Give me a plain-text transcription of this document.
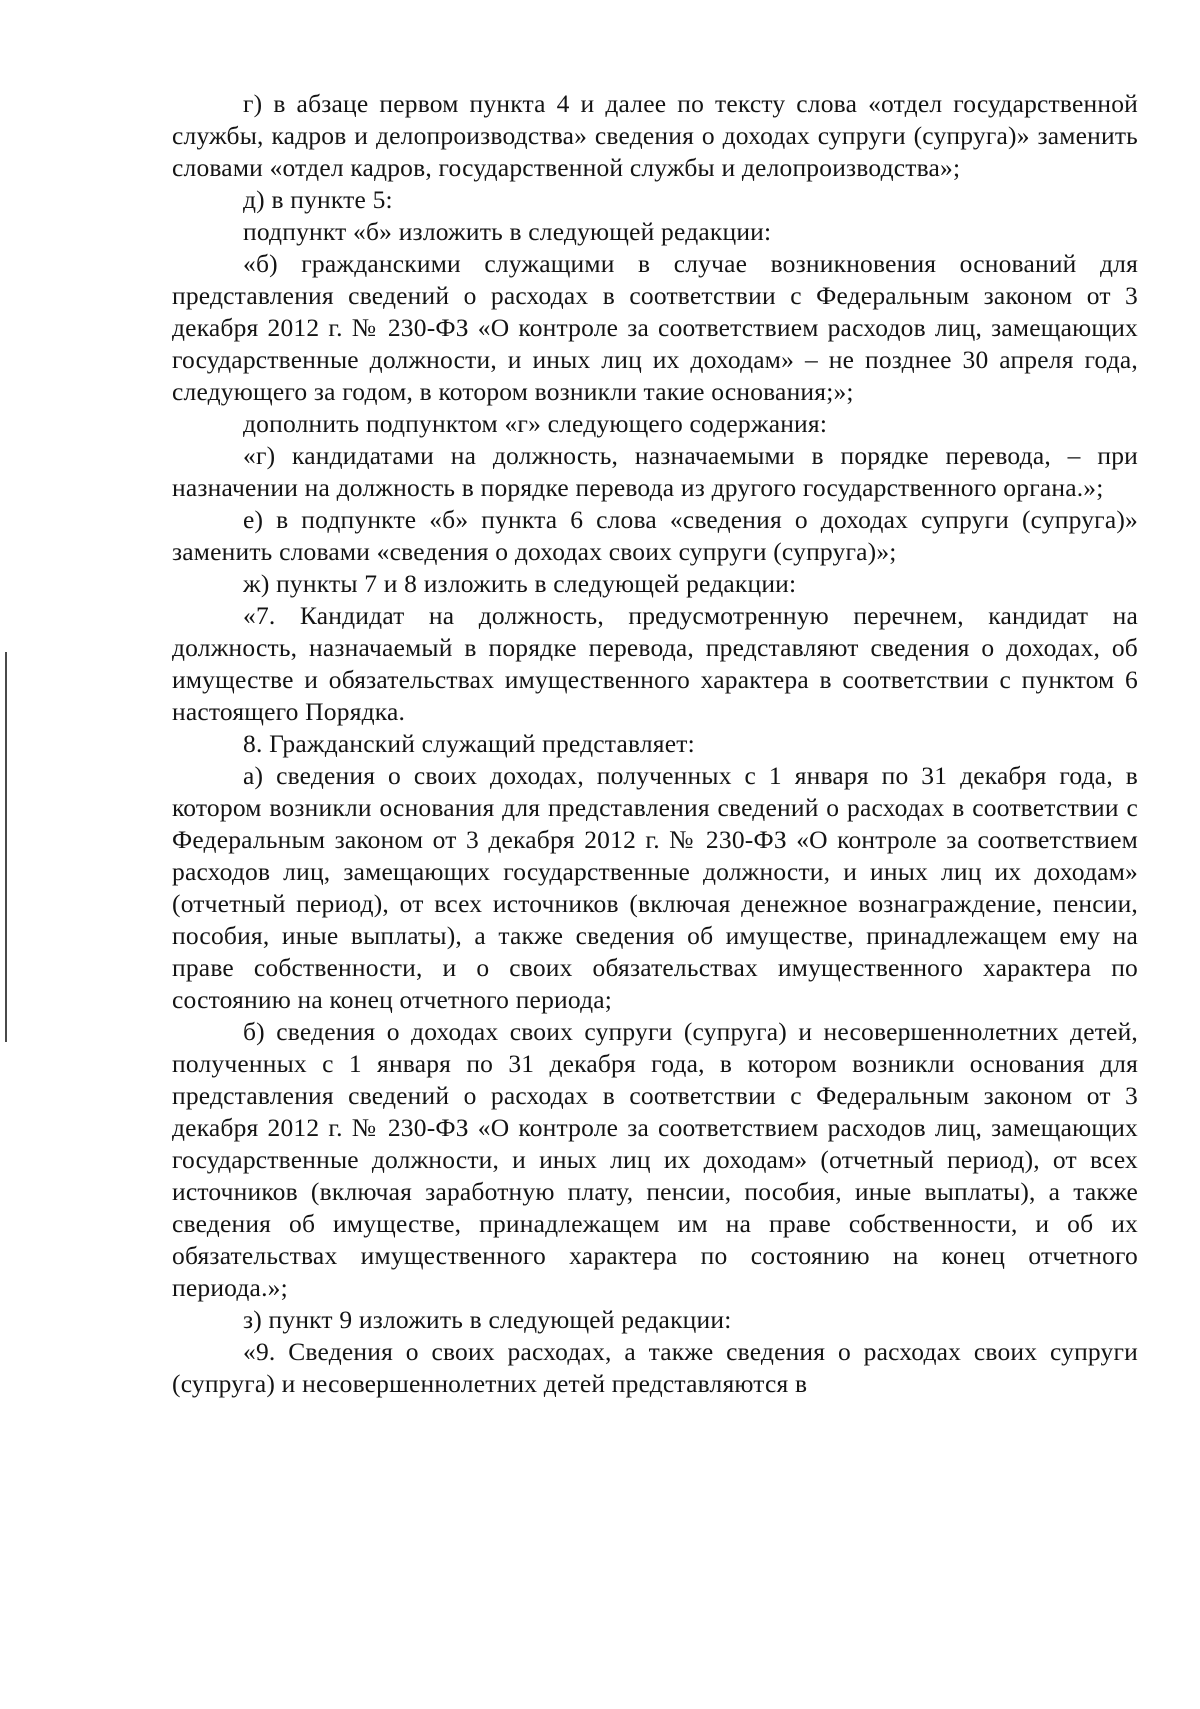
г) в абзаце первом пункта 4 и далее по тексту слова «отдел государственной службы, кадров и делопроизводства» сведения о доходах супруги (супруга)» заменить словами «отдел кадров, государственной службы и делопроизводства»;

д) в пункте 5:

подпункт «б» изложить в следующей редакции:

«б) гражданскими служащими в случае возникновения оснований для представления сведений о расходах в соответствии с Федеральным законом от 3 декабря 2012 г. № 230-ФЗ «О контроле за соответствием расходов лиц, замещающих государственные должности, и иных лиц их доходам» – не позднее 30 апреля года, следующего за годом, в котором возникли такие основания;»;

дополнить подпунктом «г» следующего содержания:

«г) кандидатами на должность, назначаемыми в порядке перевода, – при назначении на должность в порядке перевода из другого государственного органа.»;

е) в подпункте «б» пункта 6 слова «сведения о доходах супруги (супруга)» заменить словами «сведения о доходах своих супруги (супруга)»;

ж) пункты 7 и 8 изложить в следующей редакции:

«7. Кандидат на должность, предусмотренную перечнем, кандидат на должность, назначаемый в порядке перевода, представляют сведения о доходах, об имуществе и обязательствах имущественного характера в соответствии с пунктом 6 настоящего Порядка.

8. Гражданский служащий представляет:

а) сведения о своих доходах, полученных с 1 января по 31 декабря года, в котором возникли основания для представления сведений о расходах в соответствии с Федеральным законом от 3 декабря 2012 г. № 230-ФЗ «О контроле за соответствием расходов лиц, замещающих государственные должности, и иных лиц их доходам» (отчетный период), от всех источников (включая денежное вознаграждение, пенсии, пособия, иные выплаты), а также сведения об имуществе, принадлежащем ему на праве собственности, и о своих обязательствах имущественного характера по состоянию на конец отчетного периода;

б) сведения о доходах своих супруги (супруга) и несовершеннолетних детей, полученных с 1 января по 31 декабря года, в котором возникли основания для представления сведений о расходах в соответствии с Федеральным законом от 3 декабря 2012 г. № 230-ФЗ «О контроле за соответствием расходов лиц, замещающих государственные должности, и иных лиц их доходам» (отчетный период), от всех источников (включая заработную плату, пенсии, пособия, иные выплаты), а также сведения об имуществе, принадлежащем им на праве собственности, и об их обязательствах имущественного характера по состоянию на конец отчетного периода.»;

з) пункт 9 изложить в следующей редакции:

«9. Сведения о своих расходах, а также сведения о расходах своих супруги (супруга) и несовершеннолетних детей представляются в
